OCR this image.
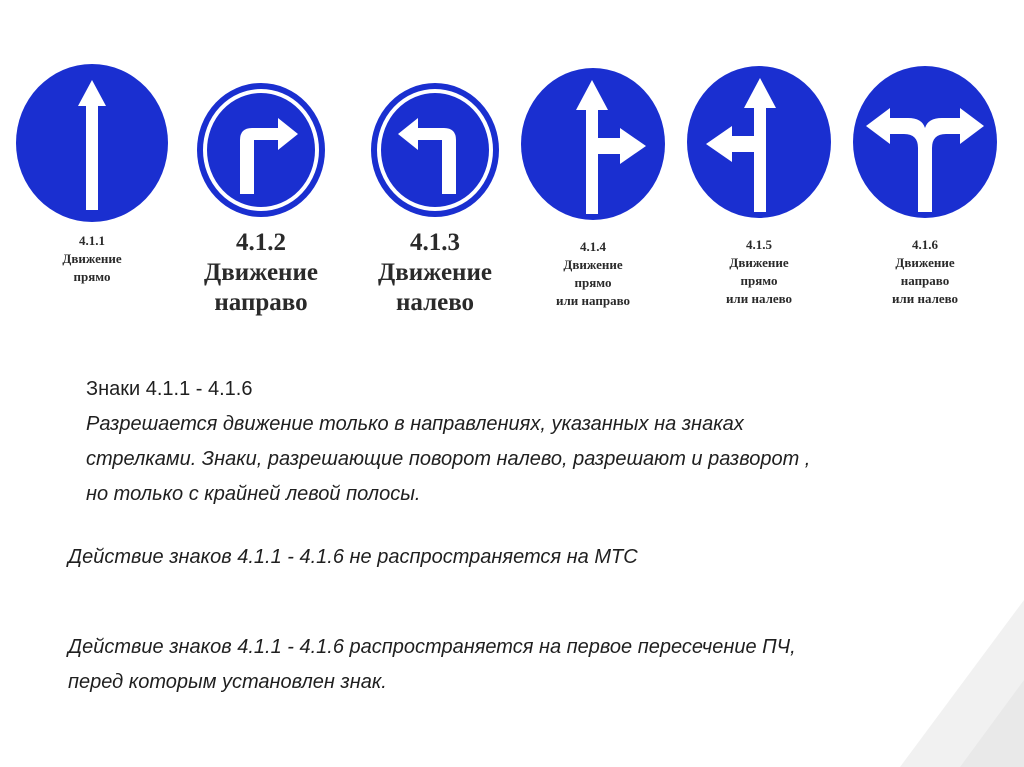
4.1.1
Движение
прямо
4.1.2
Движение
направо
4.1.3
Движение
налево
4.1.4
Движение
прямо
или направо
4.1.5
Движение
прямо
или налево
4.1.6
Движение
направо
или налево
Знаки 4.1.1 - 4.1.6
Разрешается движение только в направлениях, указанных на знаках
стрелками. Знаки, разрешающие поворот налево, разрешают и разворот ,
но только с крайней левой полосы.
Действие знаков 4.1.1 - 4.1.6 не распространяется на МТС
Действие знаков 4.1.1 - 4.1.6 распространяется на первое пересечение ПЧ,
перед которым установлен знак.
